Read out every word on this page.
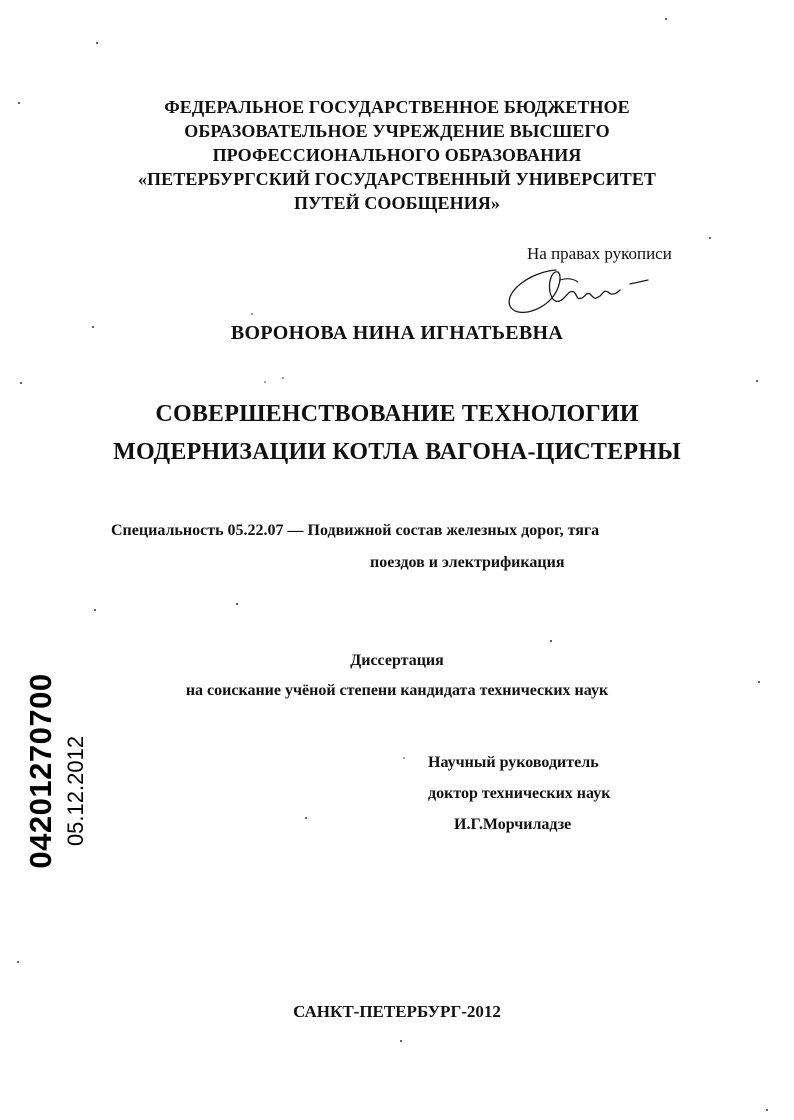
ФЕДЕРАЛЬНОЕ ГОСУДАРСТВЕННОЕ БЮДЖЕТНОЕ
ОБРАЗОВАТЕЛЬНОЕ УЧРЕЖДЕНИЕ ВЫСШЕГО
ПРОФЕССИОНАЛЬНОГО ОБРАЗОВАНИЯ
«ПЕТЕРБУРГСКИЙ ГОСУДАРСТВЕННЫЙ УНИВЕРСИТЕТ
ПУТЕЙ СООБЩЕНИЯ»
На правах рукописи
ВОРОНОВА НИНА ИГНАТЬЕВНА
СОВЕРШЕНСТВОВАНИЕ ТЕХНОЛОГИИ
МОДЕРНИЗАЦИИ КОТЛА ВАГОНА-ЦИСТЕРНЫ
Специальность 05.22.07 — Подвижной состав железных дорог, тяга
поездов и электрификация
Диссертация
на соискание учёной степени кандидата технических наук
Научный руководитель
доктор технических наук
И.Г.Морчиладзе
САНКТ-ПЕТЕРБУРГ-2012
04201270700 05.12.2012
